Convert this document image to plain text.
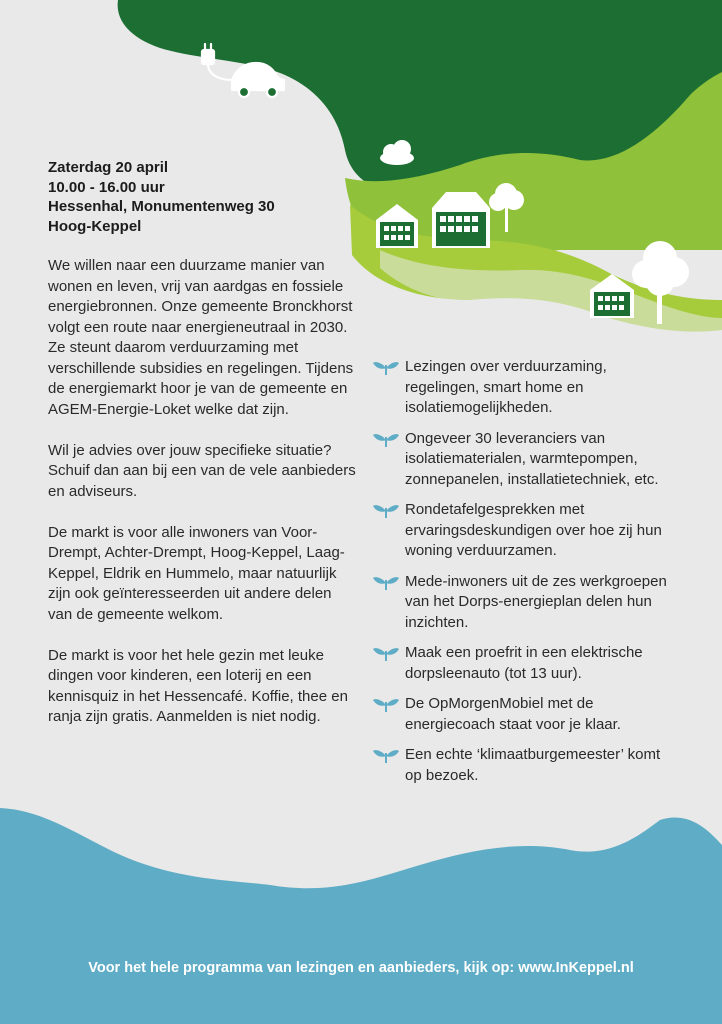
Zaterdag 20 april
10.00 - 16.00 uur
Hessenhal, Monumentenweg 30
Hoog-Keppel

We willen naar een duurzame manier van wonen en leven, vrij van aardgas en fossiele energiebronnen. Onze gemeente Bronckhorst volgt een route naar energieneutraal in 2030. Ze steunt daarom verduurzaming met verschillende subsidies en regelingen. Tijdens de energiemarkt hoor je van de gemeente en AGEM-Energie-Loket welke dat zijn.

Wil je advies over jouw specifieke situatie? Schuif dan aan bij een van de vele aanbieders en adviseurs.

De markt is voor alle inwoners van Voor-Drempt, Achter-Drempt, Hoog-Keppel, Laag-Keppel, Eldrik en Hummelo, maar natuurlijk zijn ook geïnteresseerden uit andere delen van de gemeente welkom.

De markt is voor het hele gezin met leuke dingen voor kinderen, een loterij en een kennisquiz in het Hessencafé. Koffie, thee en ranja zijn gratis. Aanmelden is niet nodig.

Lezingen over verduurzaming, regelingen, smart home en isolatiemogelijkheden.
Ongeveer 30 leveranciers van isolatiematerialen, warmtepompen, zonnepanelen, installatietechniek, etc.
Rondetafelgesprekken met ervaringsdeskundigen over hoe zij hun woning verduurzamen.
Mede-inwoners uit de zes werkgroepen van het Dorps-energieplan delen hun inzichten.
Maak een proefrit in een elektrische dorpsleenauto (tot 13 uur).
De OpMorgenMobiel met de energiecoach staat voor je klaar.
Een echte ‘klimaatburgemeester’ komt op bezoek.
Voor het hele programma van lezingen en aanbieders, kijk op: www.InKeppel.nl
